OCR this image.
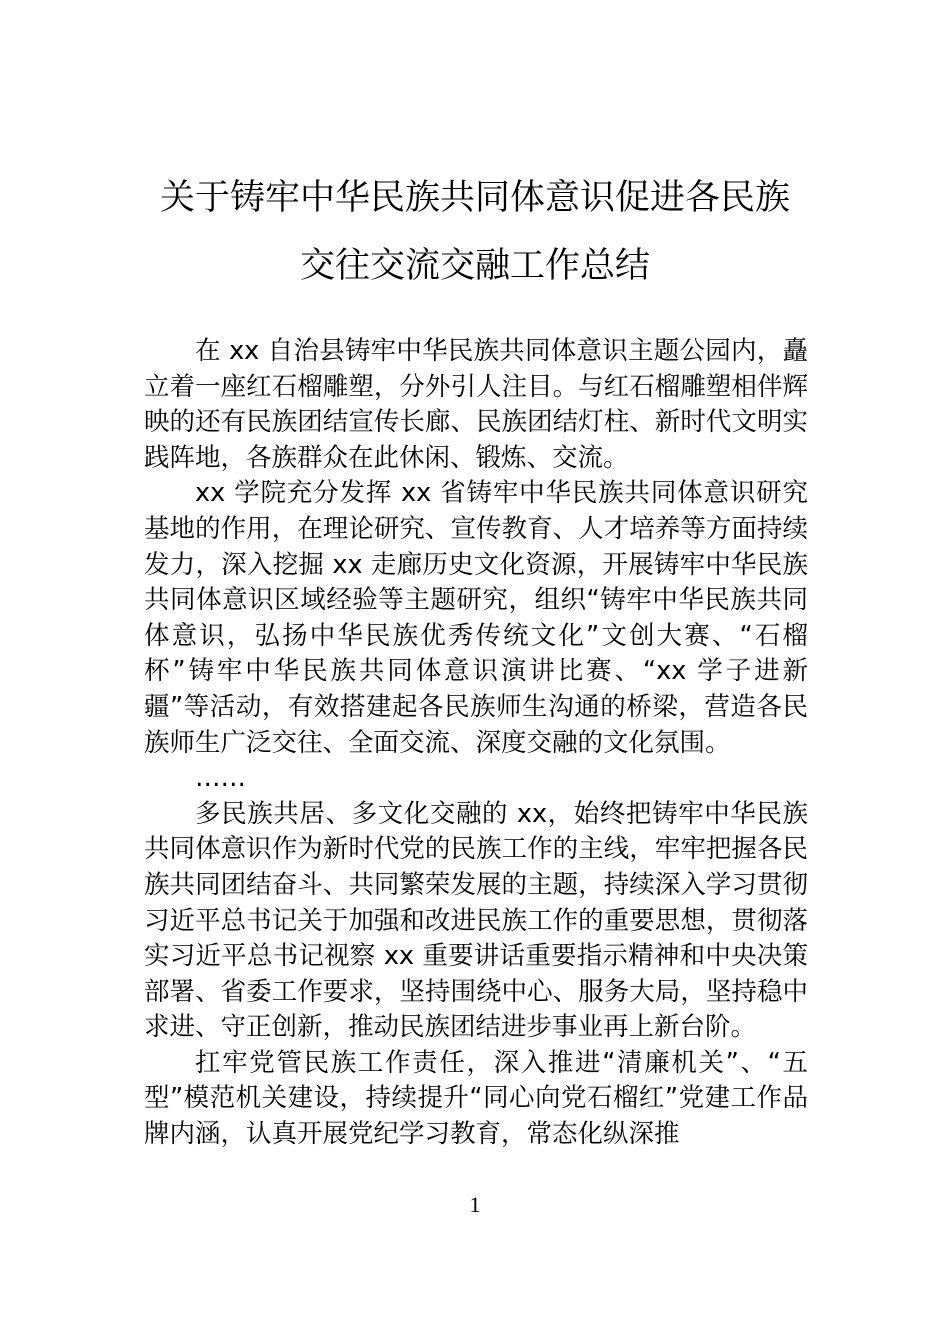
关于铸牢中华民族共同体意识促进各民族
交往交流交融工作总结

在 xx 自治县铸牢中华民族共同体意识主题公园内，矗立着一座红石榴雕塑，分外引人注目。与红石榴雕塑相伴辉映的还有民族团结宣传长廊、民族团结灯柱、新时代文明实践阵地，各族群众在此休闲、锻炼、交流。

xx 学院充分发挥 xx 省铸牢中华民族共同体意识研究基地的作用，在理论研究、宣传教育、人才培养等方面持续发力，深入挖掘 xx 走廊历史文化资源，开展铸牢中华民族共同体意识区域经验等主题研究，组织“铸牢中华民族共同体意识，弘扬中华民族优秀传统文化”文创大赛、“石榴杯”铸牢中华民族共同体意识演讲比赛、“xx 学子进新疆”等活动，有效搭建起各民族师生沟通的桥梁，营造各民族师生广泛交往、全面交流、深度交融的文化氛围。

……

多民族共居、多文化交融的 xx，始终把铸牢中华民族共同体意识作为新时代党的民族工作的主线，牢牢把握各民族共同团结奋斗、共同繁荣发展的主题，持续深入学习贯彻习近平总书记关于加强和改进民族工作的重要思想，贯彻落实习近平总书记视察 xx 重要讲话重要指示精神和中央决策部署、省委工作要求，坚持围绕中心、服务大局，坚持稳中求进、守正创新，推动民族团结进步事业再上新台阶。

扛牢党管民族工作责任，深入推进“清廉机关”、“五型”模范机关建设，持续提升“同心向党石榴红”党建工作品牌内涵，认真开展党纪学习教育，常态化纵深推

1
